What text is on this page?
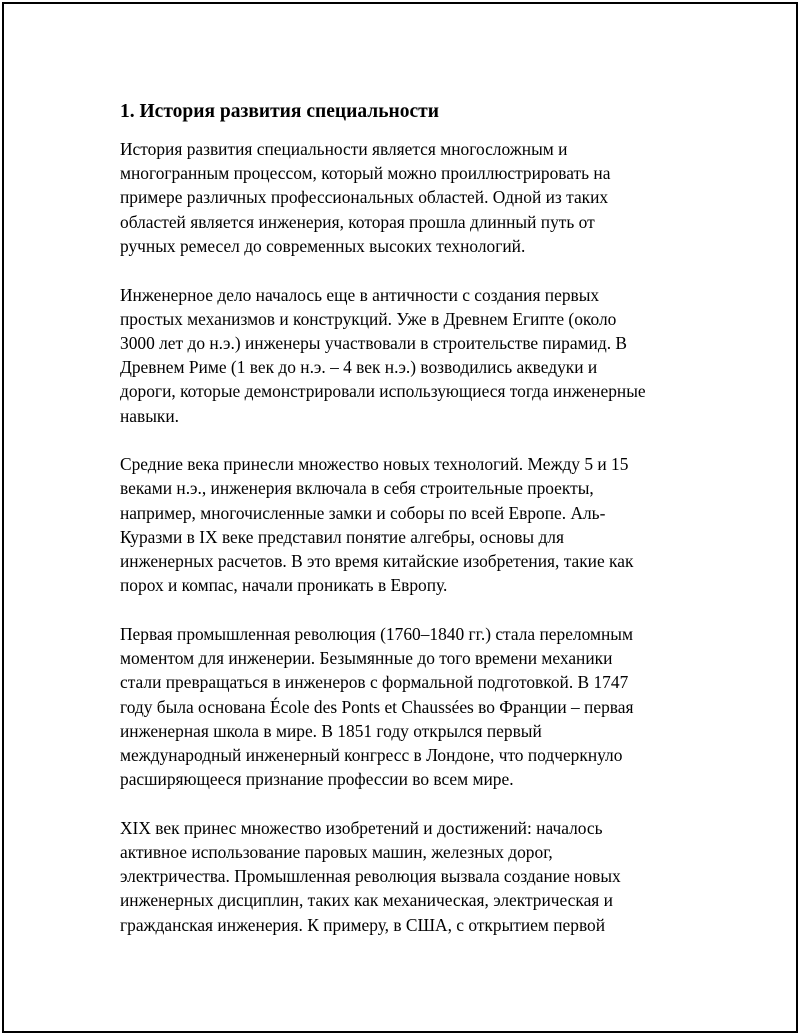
1. История развития специальности

История развития специальности является многосложным и
многогранным процессом, который можно проиллюстрировать на
примере различных профессиональных областей. Одной из таких
областей является инженерия, которая прошла длинный путь от
ручных ремесел до современных высоких технологий.

Инженерное дело началось еще в античности с создания первых
простых механизмов и конструкций. Уже в Древнем Египте (около
3000 лет до н.э.) инженеры участвовали в строительстве пирамид. В
Древнем Риме (1 век до н.э. – 4 век н.э.) возводились акведуки и
дороги, которые демонстрировали использующиеся тогда инженерные
навыки.

Средние века принесли множество новых технологий. Между 5 и 15
веками н.э., инженерия включала в себя строительные проекты,
например, многочисленные замки и соборы по всей Европе. Аль-
Куразми в IX веке представил понятие алгебры, основы для
инженерных расчетов. В это время китайские изобретения, такие как
порох и компас, начали проникать в Европу.

Первая промышленная революция (1760–1840 гг.) стала переломным
моментом для инженерии. Безымянные до того времени механики
стали превращаться в инженеров с формальной подготовкой. В 1747
году была основана École des Ponts et Chaussées во Франции – первая
инженерная школа в мире. В 1851 году открылся первый
международный инженерный конгресс в Лондоне, что подчеркнуло
расширяющееся признание профессии во всем мире.

XIX век принес множество изобретений и достижений: началось
активное использование паровых машин, железных дорог,
электричества. Промышленная революция вызвала создание новых
инженерных дисциплин, таких как механическая, электрическая и
гражданская инженерия. К примеру, в США, с открытием первой
